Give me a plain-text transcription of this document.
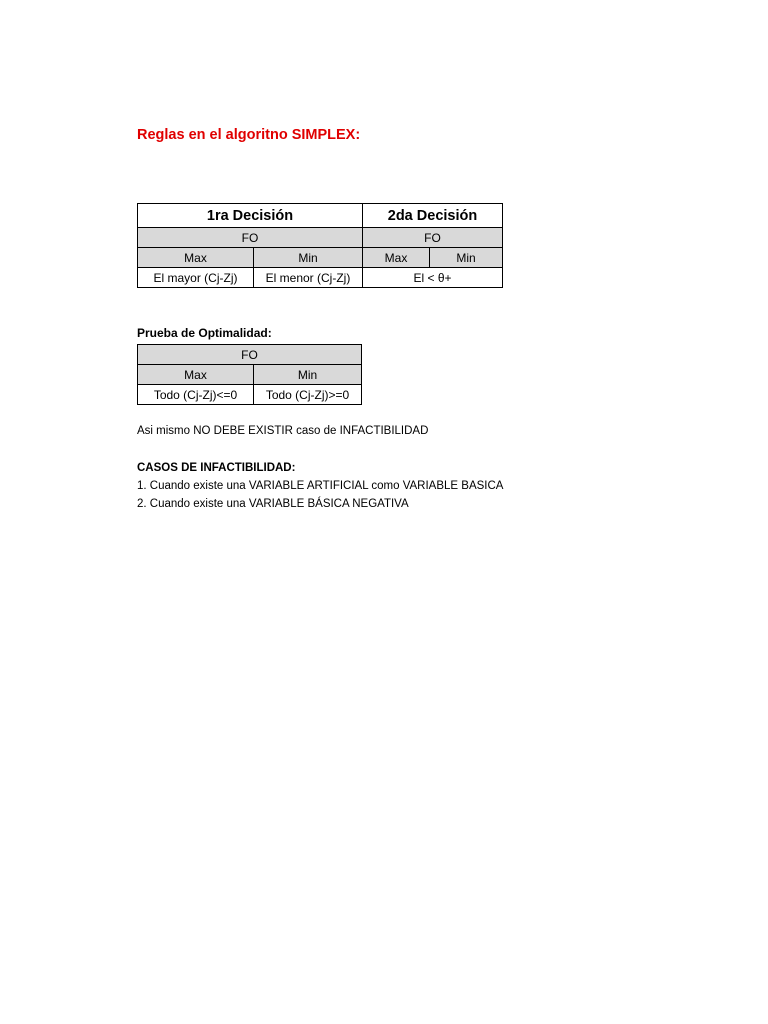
Reglas en el algoritno SIMPLEX:
1ra Decisión		2da Decisión	
FO		FO	
Max	Min	Max	Min
El mayor (Cj-Zj)	El menor (Cj-Zj)	El < θ+	
Prueba de Optimalidad:
FO	
Max	Min
Todo (Cj-Zj)<=0	Todo (Cj-Zj)>=0
Asi mismo NO DEBE EXISTIR caso de INFACTIBILIDAD
CASOS DE INFACTIBILIDAD:
1. Cuando existe una VARIABLE ARTIFICIAL como VARIABLE BASICA
2. Cuando existe una VARIABLE BÁSICA NEGATIVA
